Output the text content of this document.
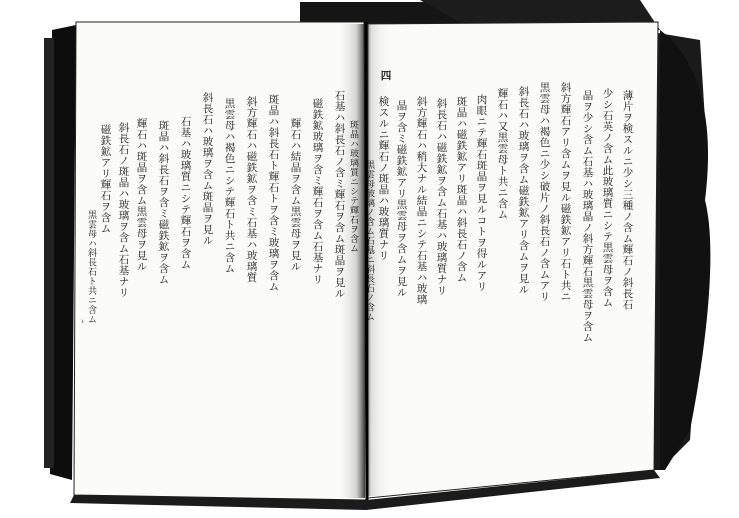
ゝ
四
薄片ヲ検スルニ少シ三種ノ含ム輝石ノ斜長石
少シ石英ノ含ム此玻璃質ニシテ黒雲母ヲ含ム
晶ヲ少シ含ム石基ハ玻璃晶ノ斜方輝石黒雲母ヲ含ム
斜方輝石アリ含ムヲ見ル磁鉄鉱アリ石ト共ニ
黒雲母ハ褐色ニ少シ破片ノ斜長石ノ含ムアリ
斜長石ハ玻璃ヲ含ム磁鉄鉱アリ含ムヲ見ル
輝石ハ又黒雲母ト共ニ含ム
肉眼ニテ輝石斑晶ヲ見ルコトヲ得ルアリ
斑晶ハ磁鉄鉱アリ斑晶ハ斜長石ノ含ム
斜長石ハ磁鉄鉱ヲ含ム石基ハ玻璃質ナリ
斜方輝石ハ稍大ナル結晶ニシテ石基ハ玻璃
晶ヲ含ミ磁鉄鉱アリ黒雲母ヲ含ムヲ見ル
検スルニ輝石ノ斑晶ハ玻璃質ナリ
黒雲母玻璃ノ含ム石基ニ斜長石ノ含ム
石基ハ斜長石ノ含ミ輝石ヲ含ム斑晶ヲ見ル
磁鉄鉱玻璃ヲ含ミ輝石ヲ含ム石基ナリ
輝石ハ結晶ヲ含ム黒雲母ヲ見ル
斑晶ハ斜長石ト輝石トヲ含ミ玻璃ヲ含ム
斜方輝石ハ磁鉄鉱ヲ含ミ石基ハ玻璃質
黒雲母ハ褐色ニシテ輝石ト共ニ含ム
斜長石ハ玻璃ヲ含ム斑晶ヲ見ル
石基ハ玻璃質ニシテ輝石ヲ含ム
斑晶ハ斜長石ヲ含ミ磁鉄鉱ヲ含ム
輝石ハ斑晶ヲ含ム黒雲母ヲ見ル
斜長石ノ斑晶ハ玻璃ヲ含ム石基ナリ
磁鉄鉱アリ輝石ヲ含ム
黒雲母ハ斜長石ト共ニ含ム
斑晶ハ玻璃質ニシテ輝石ヲ含ム
